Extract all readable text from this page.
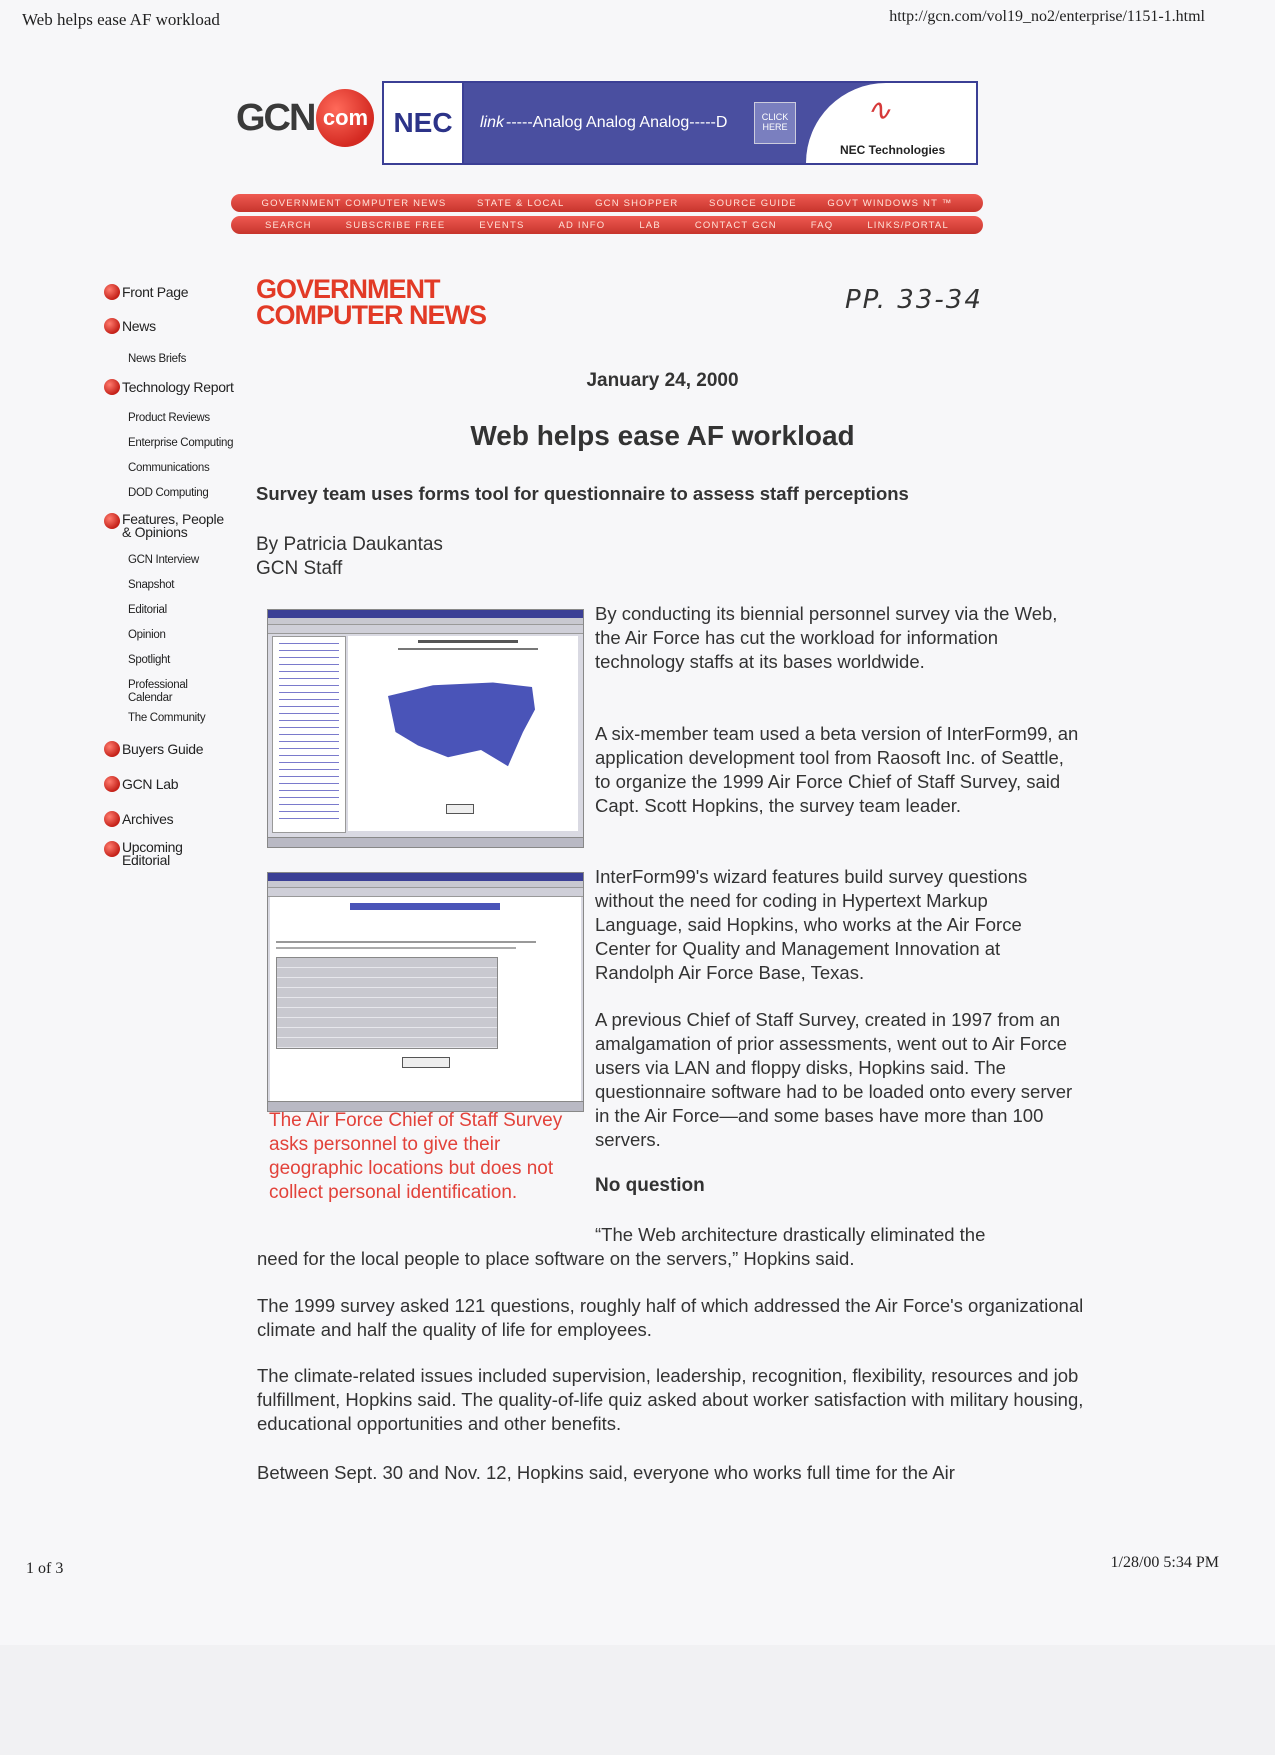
Web helps ease AF workload	http://gcn.com/vol19_no2/enterprise/1151-1.html
GCN com NEC	link -----Analog Analog Analog-----D	CLICK HERE	∿
NEC Technologies
GOVERNMENT COMPUTER NEWS	STATE & LOCAL	GCN SHOPPER	SOURCE GUIDE	GOVT WINDOWS NT ™
SEARCH	SUBSCRIBE FREE	EVENTS	AD INFO	LAB	CONTACT GCN	FAQ	LINKS/PORTAL
Front Page
News
News Briefs
Technology Report
Product Reviews
Enterprise Computing
Communications
DOD Computing
Features, People & Opinions
GCN Interview
Snapshot
Editorial
Opinion
Spotlight
Professional Calendar
The Community
Buyers Guide
GCN Lab
Archives
Upcoming Editorial
GOVERNMENT
COMPUTER NEWS	PP. 33-34
January 24, 2000
Web helps ease AF workload
Survey team uses forms tool for questionnaire to assess staff perceptions
By Patricia Daukantas
GCN Staff
The Air Force Chief of Staff Survey asks personnel to give their geographic locations but does not collect personal identification.
By conducting its biennial personnel survey via the Web, the Air Force has cut the workload for information technology staffs at its bases worldwide.
A six-member team used a beta version of InterForm99, an application development tool from Raosoft Inc. of Seattle, to organize the 1999 Air Force Chief of Staff Survey, said Capt. Scott Hopkins, the survey team leader.
InterForm99's wizard features build survey questions without the need for coding in Hypertext Markup Language, said Hopkins, who works at the Air Force Center for Quality and Management Innovation at Randolph Air Force Base, Texas.
A previous Chief of Staff Survey, created in 1997 from an amalgamation of prior assessments, went out to Air Force users via LAN and floppy disks, Hopkins said. The questionnaire software had to be loaded onto every server in the Air Force—and some bases have more than 100 servers.
No question
“The Web architecture drastically eliminated the
need for the local people to place software on the servers,” Hopkins said.
The 1999 survey asked 121 questions, roughly half of which addressed the Air Force's organizational climate and half the quality of life for employees.
The climate-related issues included supervision, leadership, recognition, flexibility, resources and job fulfillment, Hopkins said. The quality-of-life quiz asked about worker satisfaction with military housing, educational opportunities and other benefits.
Between Sept. 30 and Nov. 12, Hopkins said, everyone who works full time for the Air
1 of 3	1/28/00 5:34 PM
